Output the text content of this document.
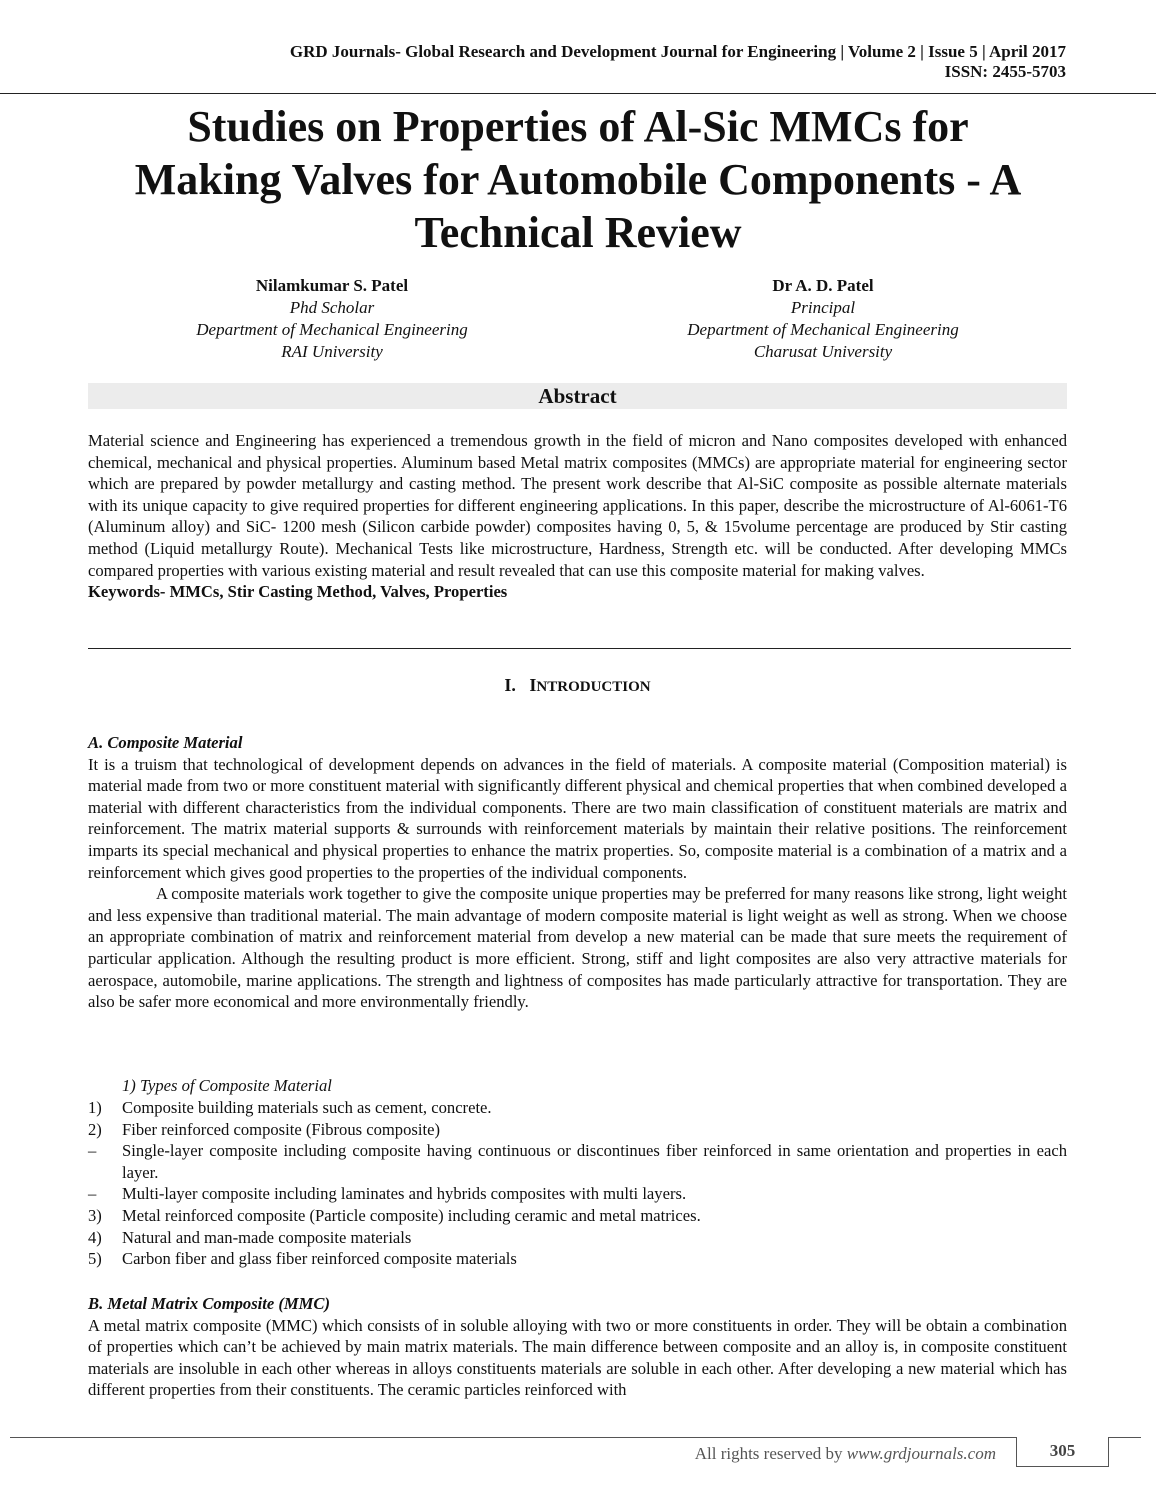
GRD Journals- Global Research and Development Journal for Engineering | Volume 2 | Issue 5 | April 2017
ISSN: 2455-5703
Studies on Properties of Al-Sic MMCs for
Making Valves for Automobile Components - A
Technical Review
Nilamkumar S. Patel
Phd Scholar
Department of Mechanical Engineering
RAI University
Dr A. D. Patel
Principal
Department of Mechanical Engineering
Charusat University
Abstract

Material science and Engineering has experienced a tremendous growth in the field of micron and Nano composites developed with enhanced chemical, mechanical and physical properties. Aluminum based Metal matrix composites (MMCs) are appropriate material for engineering sector which are prepared by powder metallurgy and casting method. The present work describe that Al-SiC composite as possible alternate materials with its unique capacity to give required properties for different engineering applications. In this paper, describe the microstructure of Al-6061-T6 (Aluminum alloy) and SiC- 1200 mesh (Silicon carbide powder) composites having 0, 5, & 15volume percentage are produced by Stir casting method (Liquid metallurgy Route). Mechanical Tests like microstructure, Hardness, Strength etc. will be conducted. After developing MMCs compared properties with various existing material and result revealed that can use this composite material for making valves.

Keywords- MMCs, Stir Casting Method, Valves, Properties

I. INTRODUCTION

A. Composite Material

It is a truism that technological of development depends on advances in the field of materials. A composite material (Composition material) is material made from two or more constituent material with significantly different physical and chemical properties that when combined developed a material with different characteristics from the individual components. There are two main classification of constituent materials are matrix and reinforcement. The matrix material supports & surrounds with reinforcement materials by maintain their relative positions. The reinforcement imparts its special mechanical and physical properties to enhance the matrix properties. So, composite material is a combination of a matrix and a reinforcement which gives good properties to the properties of the individual components.

A composite materials work together to give the composite unique properties may be preferred for many reasons like strong, light weight and less expensive than traditional material. The main advantage of modern composite material is light weight as well as strong. When we choose an appropriate combination of matrix and reinforcement material from develop a new material can be made that sure meets the requirement of particular application. Although the resulting product is more efficient. Strong, stiff and light composites are also very attractive materials for aerospace, automobile, marine applications. The strength and lightness of composites has made particularly attractive for transportation. They are also be safer more economical and more environmentally friendly.

1) Types of Composite Material
1) Composite building materials such as cement, concrete.
2) Fiber reinforced composite (Fibrous composite)
– Single-layer composite including composite having continuous or discontinues fiber reinforced in same orientation and properties in each layer.
– Multi-layer composite including laminates and hybrids composites with multi layers.
3) Metal reinforced composite (Particle composite) including ceramic and metal matrices.
4) Natural and man-made composite materials
5) Carbon fiber and glass fiber reinforced composite materials

B. Metal Matrix Composite (MMC)

A metal matrix composite (MMC) which consists of in soluble alloying with two or more constituents in order. They will be obtain a combination of properties which can’t be achieved by main matrix materials. The main difference between composite and an alloy is, in composite constituent materials are insoluble in each other whereas in alloys constituents materials are soluble in each other. After developing a new material which has different properties from their constituents. The ceramic particles reinforced with

All rights reserved by www.grdjournals.com	305
